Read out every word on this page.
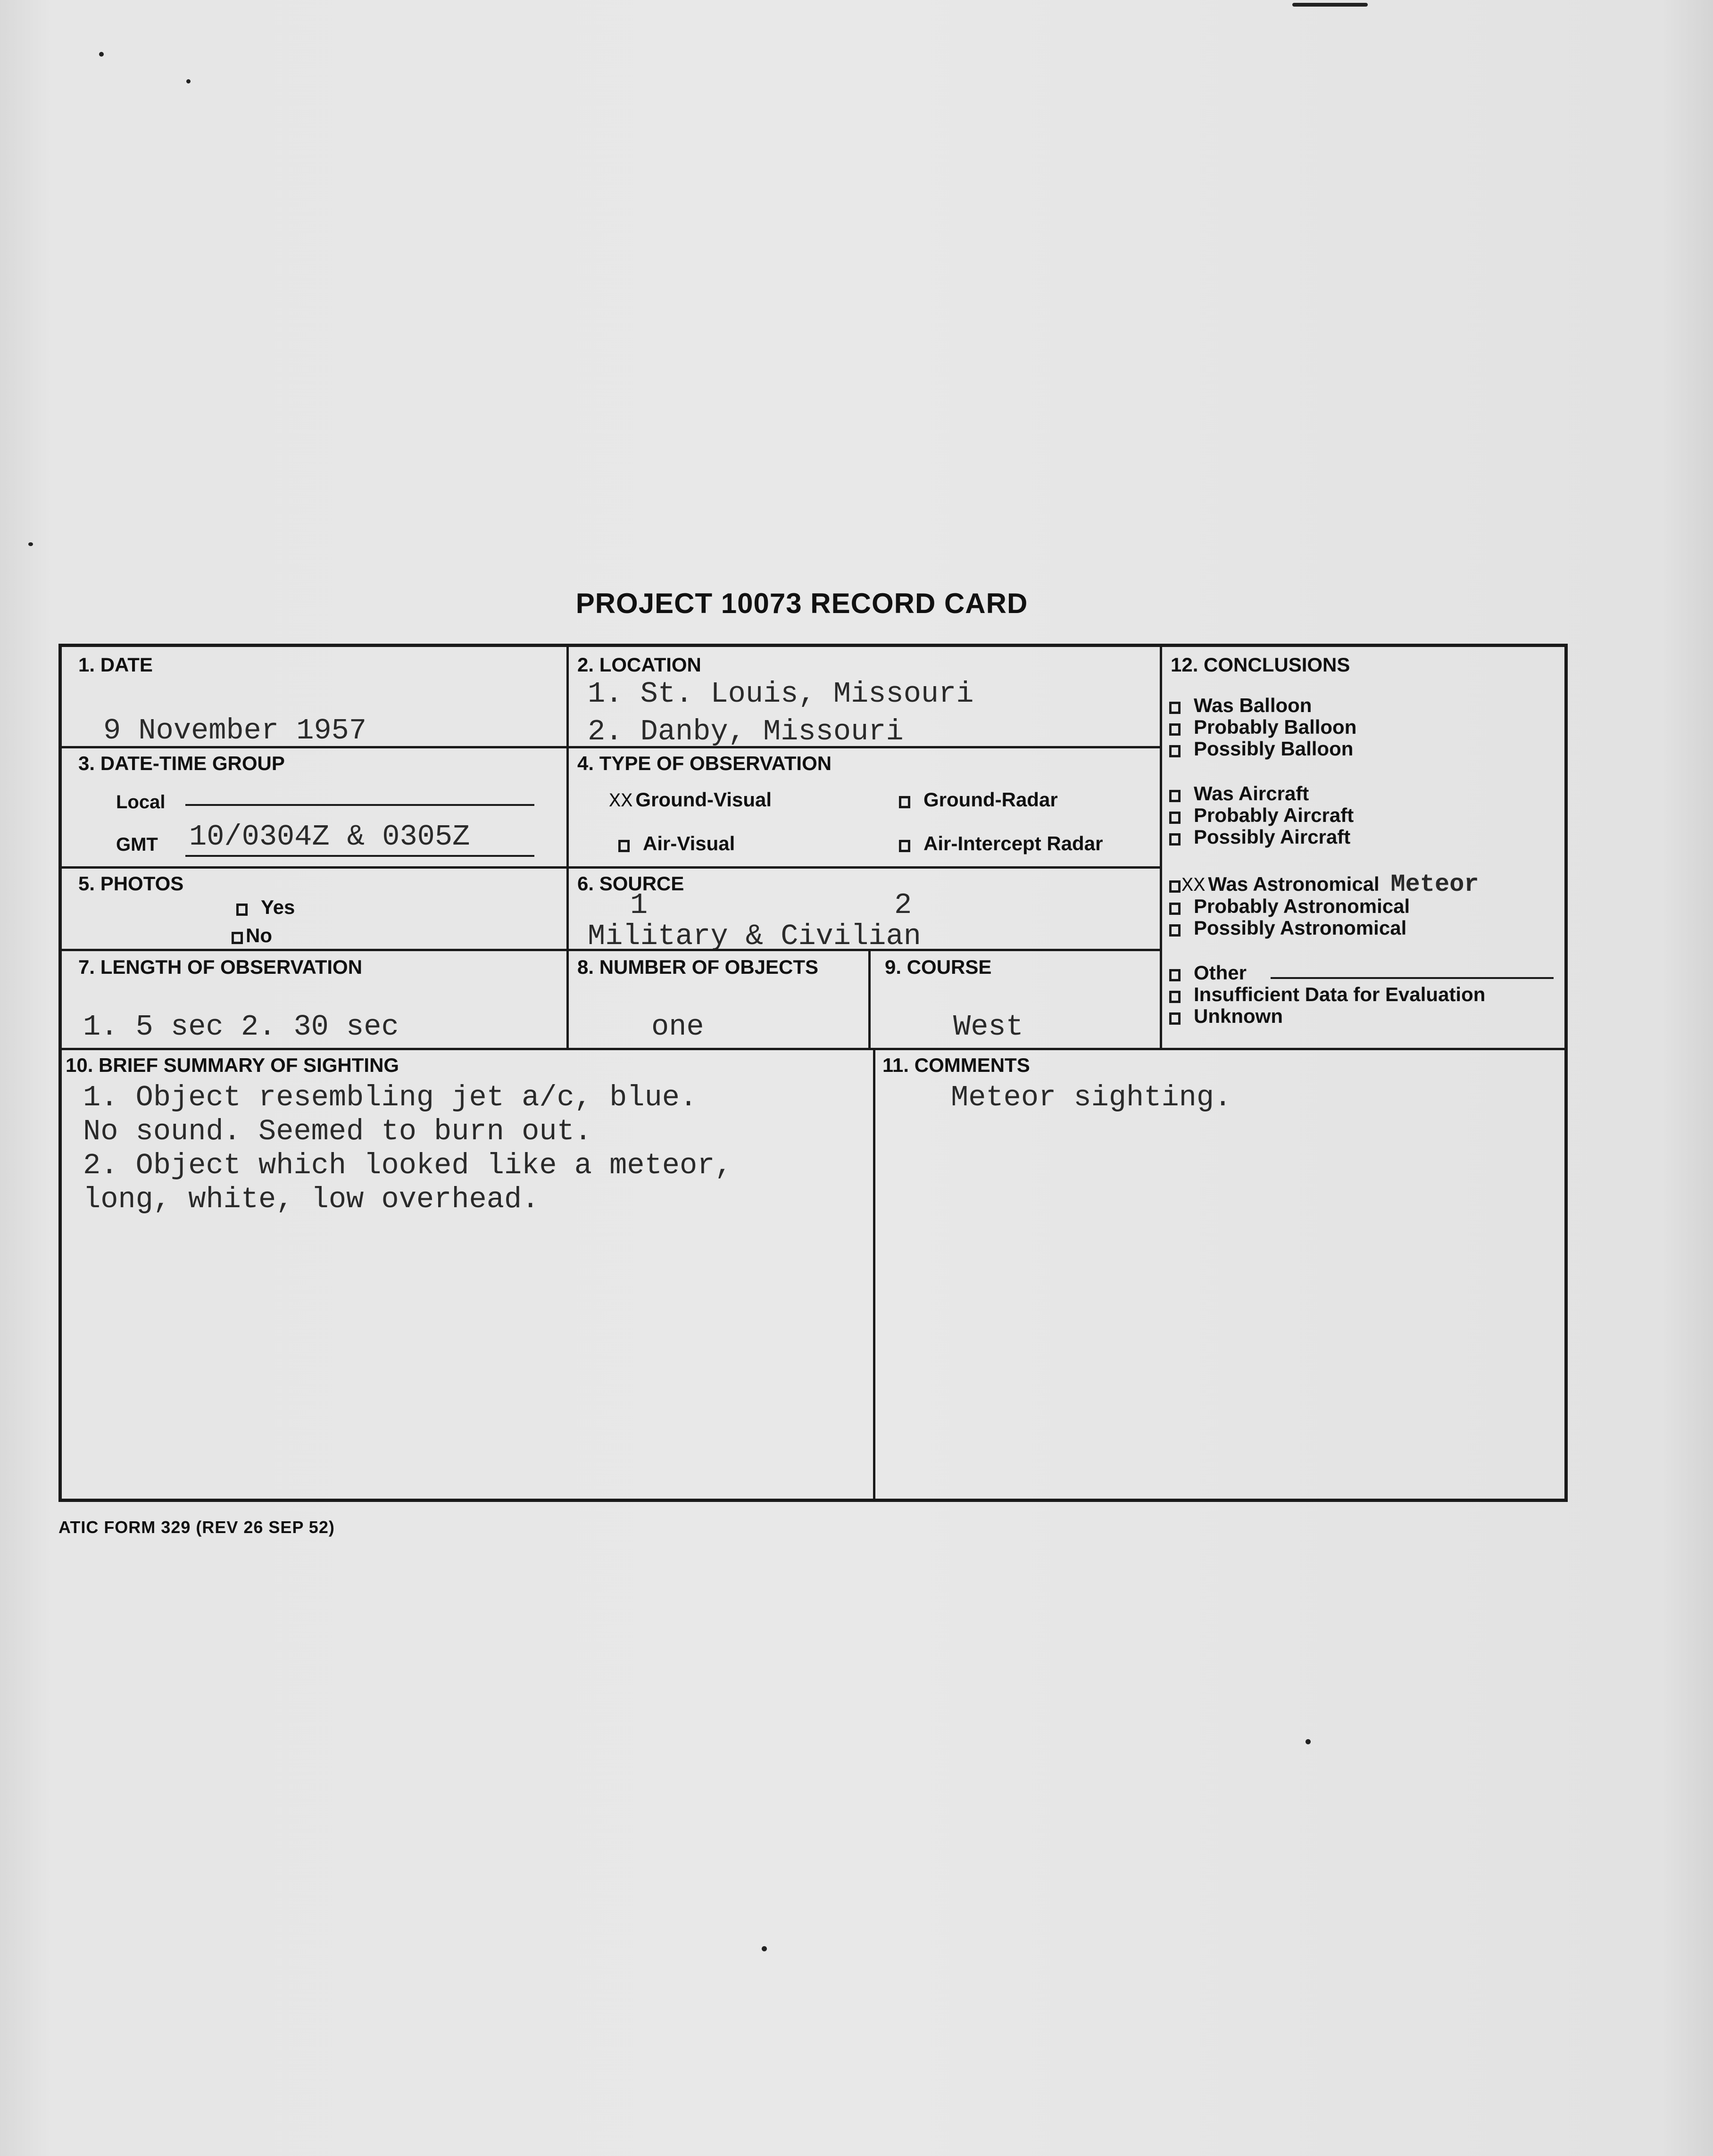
PROJECT 10073 RECORD CARD
1. DATE
9 November 1957
2. LOCATION
1. St. Louis, Missouri
2. Danby, Missouri
3. DATE-TIME GROUP
Local
GMT 10/0304Z & 0305Z
4. TYPE OF OBSERVATION
XX Ground-Visual	Ground-Radar
Air-Visual	Air-Intercept Radar
5. PHOTOS
Yes
No
6. SOURCE
1	2
Military & Civilian
7. LENGTH OF OBSERVATION
1. 5 sec 2. 30 sec
8. NUMBER OF OBJECTS
one
9. COURSE
West
12. CONCLUSIONS
Was Balloon
Probably Balloon
Possibly Balloon
Was Aircraft
Probably Aircraft
Possibly Aircraft
XX Was Astronomical Meteor
Probably Astronomical
Possibly Astronomical
Other
Insufficient Data for Evaluation
Unknown
10. BRIEF SUMMARY OF SIGHTING
1. Object resembling jet a/c, blue.
No sound. Seemed to burn out.
2. Object which looked like a meteor,
long, white, low overhead.
11. COMMENTS
Meteor sighting.
ATIC FORM 329 (REV 26 SEP 52)
